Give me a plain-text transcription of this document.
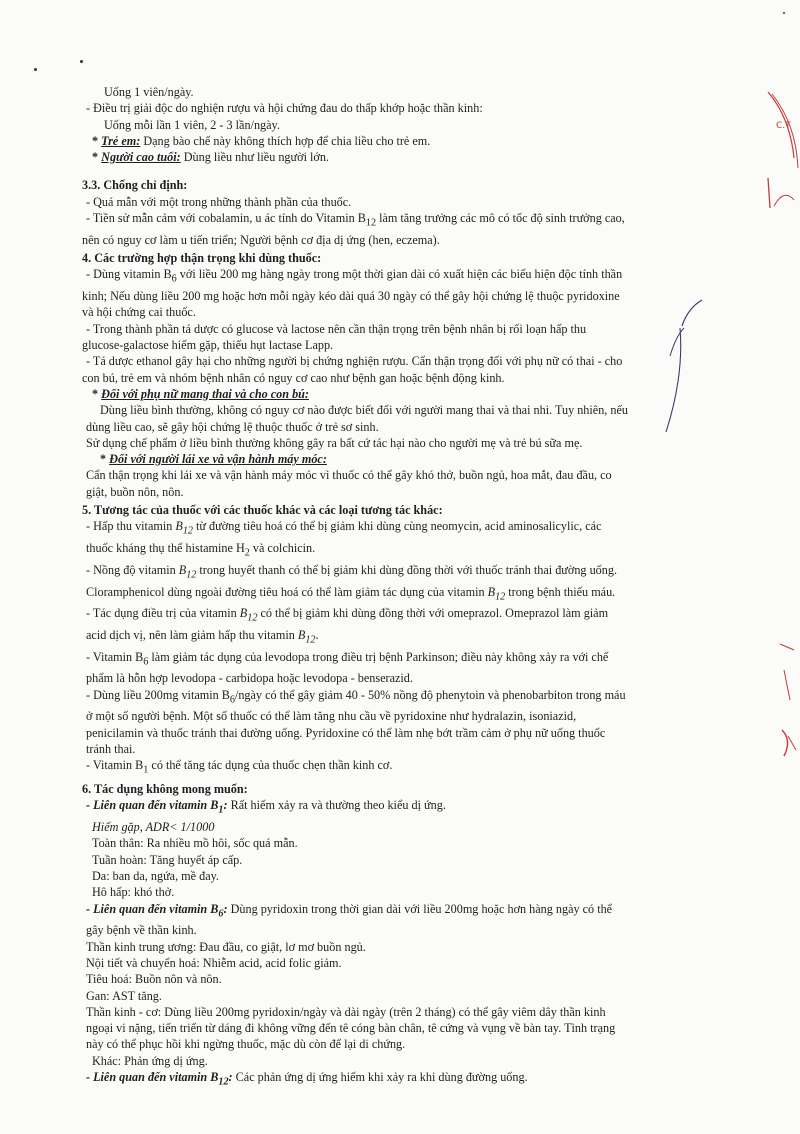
C.T

Uống 1 viên/ngày.

- Điều trị giải độc do nghiện rượu và hội chứng đau do thấp khớp hoặc thần kinh:

Uống mỗi lần 1 viên, 2 - 3 lần/ngày.

* Trẻ em: Dạng bào chế này không thích hợp để chia liều cho trẻ em.

* Người cao tuổi: Dùng liều như liều người lớn.

3.3. Chống chỉ định:

- Quá mẫn với một trong những thành phần của thuốc.

- Tiền sử mẫn cảm với cobalamin, u ác tính do Vitamin $B_{12}$ làm tăng trưởng các mô có tốc độ sinh trưởng cao,

nên có nguy cơ làm u tiến triển; Người bệnh cơ địa dị ứng (hen, eczema).

4. Các trường hợp thận trọng khi dùng thuốc:

- Dùng vitamin $B_6$ với liều 200 mg hàng ngày trong một thời gian dài có xuất hiện các biểu hiện độc tính thần

kinh; Nếu dùng liều 200 mg hoặc hơn mỗi ngày kéo dài quá 30 ngày có thể gây hội chứng lệ thuộc pyridoxine

và hội chứng cai thuốc.

- Trong thành phần tá dược có glucose và lactose nên cần thận trọng trên bệnh nhân bị rối loạn hấp thu

glucose-galactose hiếm gặp, thiếu hụt lactase Lapp.

- Tá dược ethanol gây hại cho những người bị chứng nghiện rượu. Cẩn thận trọng đối với phụ nữ có thai - cho

con bú, trẻ em và nhóm bệnh nhân có nguy cơ cao như bệnh gan hoặc bệnh động kinh.

* Đối với phụ nữ mang thai và cho con bú:

Dùng liều bình thường, không có nguy cơ nào được biết đối với người mang thai và thai nhi. Tuy nhiên, nếu

dùng liều cao, sẽ gây hội chứng lệ thuộc thuốc ở trẻ sơ sinh.

Sử dụng chế phẩm ở liều bình thường không gây ra bất cứ tác hại nào cho người mẹ và trẻ bú sữa mẹ.

* Đối với người lái xe và vận hành máy móc:

Cẩn thận trọng khi lái xe và vận hành máy móc vì thuốc có thể gây khó thở, buồn ngủ, hoa mắt, đau đầu, co

giật, buồn nôn, nôn.

5. Tương tác của thuốc với các thuốc khác và các loại tương tác khác:

- Hấp thu vitamin $B_{12}$ từ đường tiêu hoá có thể bị giảm khi dùng cùng neomycin, acid aminosalicylic, các

thuốc kháng thụ thể histamine $H_2$ và colchicin.

- Nồng độ vitamin $B_{12}$ trong huyết thanh có thể bị giảm khi dùng đồng thời với thuốc tránh thai đường uống.

Cloramphenicol dùng ngoài đường tiêu hoá có thể làm giảm tác dụng của vitamin $B_{12}$ trong bệnh thiếu máu.

- Tác dụng điều trị của vitamin $B_{12}$ có thể bị giảm khi dùng đồng thời với omeprazol. Omeprazol làm giảm

acid dịch vị, nên làm giảm hấp thu vitamin $B_{12}$.

- Vitamin $B_6$ làm giảm tác dụng của levodopa trong điều trị bệnh Parkinson; điều này không xảy ra với chế

phẩm là hỗn hợp levodopa - carbidopa hoặc levodopa - benserazid.

- Dùng liều 200mg vitamin $B_6$/ngày có thể gây giảm 40 - 50% nồng độ phenytoin và phenobarbiton trong máu

ở một số người bệnh. Một số thuốc có thể làm tăng nhu cầu về pyridoxine như hydralazin, isoniazid,

penicilamin và thuốc tránh thai đường uống. Pyridoxine có thể làm nhẹ bớt trầm cảm ở phụ nữ uống thuốc

tránh thai.

- Vitamin $B_1$ có thể tăng tác dụng của thuốc chẹn thần kinh cơ.

6. Tác dụng không mong muốn:

- Liên quan đến vitamin $B_1$: Rất hiếm xảy ra và thường theo kiểu dị ứng.

Hiếm gặp, ADR< 1/1000

Toàn thân: Ra nhiều mồ hôi, sốc quá mẫn.

Tuần hoàn: Tăng huyết áp cấp.

Da: ban da, ngứa, mề đay.

Hô hấp: khó thở.

- Liên quan đến vitamin $B_6$: Dùng pyridoxin trong thời gian dài với liều 200mg hoặc hơn hàng ngày có thể

gây bệnh về thần kinh.

Thần kinh trung ương: Đau đầu, co giật, lơ mơ buồn ngủ.

Nội tiết và chuyển hoá: Nhiễm acid, acid folic giảm.

Tiêu hoá: Buồn nôn và nôn.

Gan: AST tăng.

Thần kinh - cơ: Dùng liều 200mg pyridoxin/ngày và dài ngày (trên 2 tháng) có thể gây viêm dây thần kinh

ngoại vi nặng, tiến triển từ dáng đi không vững đến tê cóng bàn chân, tê cứng và vụng về bàn tay. Tình trạng

này có thể phục hồi khi ngừng thuốc, mặc dù còn để lại di chứng.

Khác: Phản ứng dị ứng.

- Liên quan đến vitamin $B_{12}$: Các phản ứng dị ứng hiếm khi xảy ra khi dùng đường uống.
